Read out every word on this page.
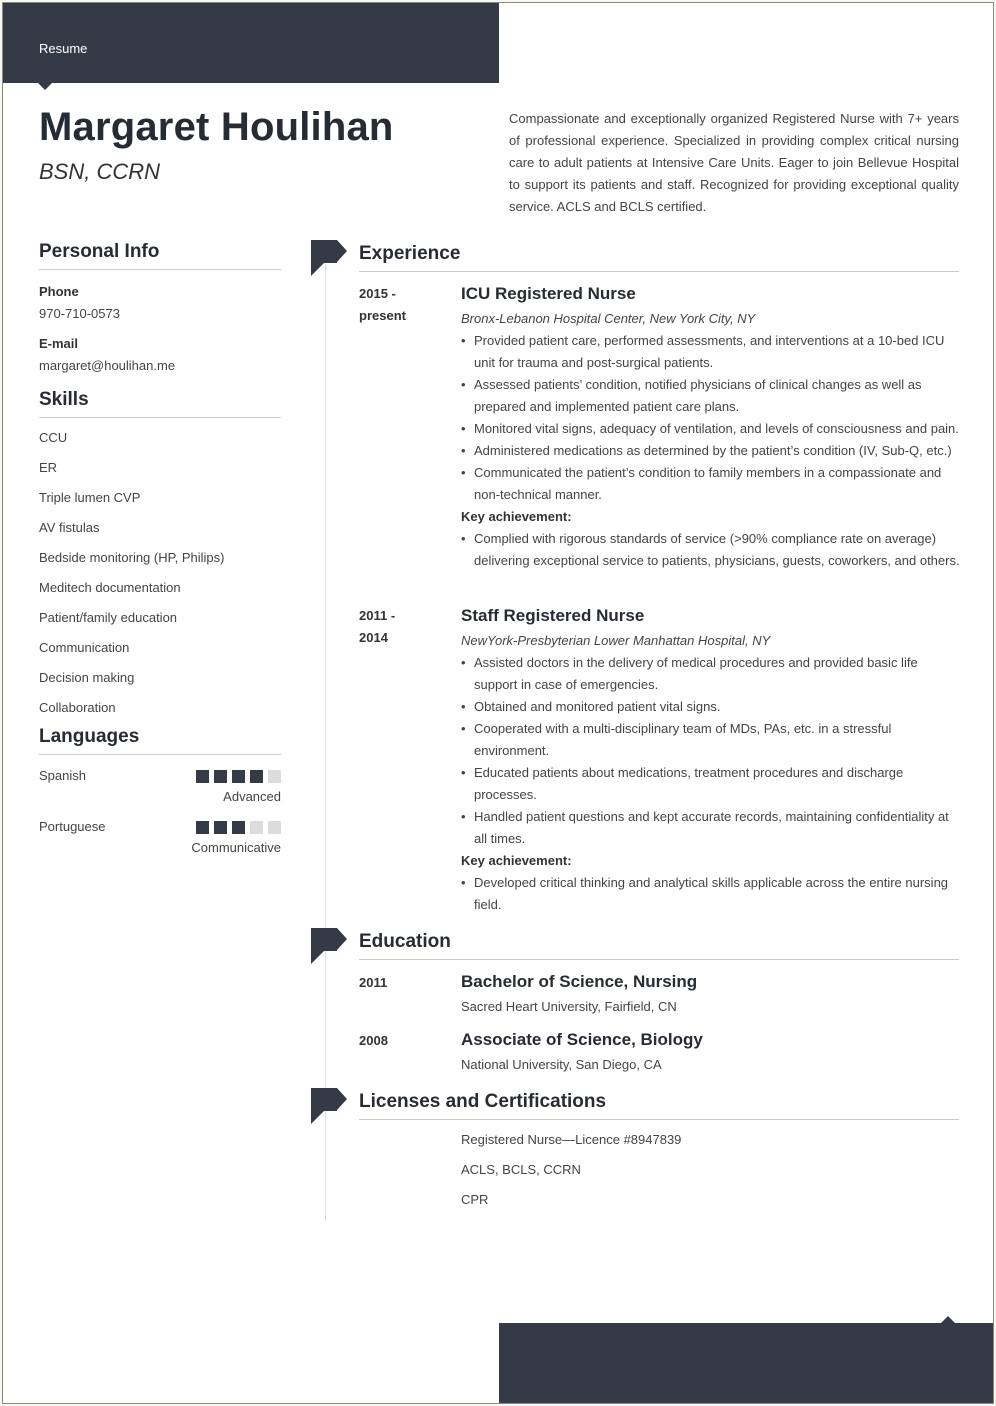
Resume
Margaret Houlihan
BSN, CCRN
Compassionate and exceptionally organized Registered Nurse with 7+ years of professional experience. Specialized in providing complex critical nursing care to adult patients at Intensive Care Units. Eager to join Bellevue Hospital to support its patients and staff. Recognized for providing exceptional quality service. ACLS and BCLS certified.
Personal Info
Phone
970-710-0573
E-mail
margaret@houlihan.me
Skills
CCU
ER
Triple lumen CVP
AV fistulas
Bedside monitoring (HP, Philips)
Meditech documentation
Patient/family education
Communication
Decision making
Collaboration
Languages
Spanish
Advanced
Portuguese
Communicative
Experience
2015 -
present
ICU Registered Nurse
Bronx-Lebanon Hospital Center, New York City, NY
• Provided patient care, performed assessments, and interventions at a 10-bed ICU unit for trauma and post-surgical patients.
• Assessed patients’ condition, notified physicians of clinical changes as well as prepared and implemented patient care plans.
• Monitored vital signs, adequacy of ventilation, and levels of consciousness and pain.
• Administered medications as determined by the patient’s condition (IV, Sub-Q, etc.)
• Communicated the patient’s condition to family members in a compassionate and non-technical manner.
Key achievement:
• Complied with rigorous standards of service (>90% compliance rate on average) delivering exceptional service to patients, physicians, guests, coworkers, and others.
2011 -
2014
Staff Registered Nurse
NewYork-Presbyterian Lower Manhattan Hospital, NY
• Assisted doctors in the delivery of medical procedures and provided basic life support in case of emergencies.
• Obtained and monitored patient vital signs.
• Cooperated with a multi-disciplinary team of MDs, PAs, etc. in a stressful environment.
• Educated patients about medications, treatment procedures and discharge processes.
• Handled patient questions and kept accurate records, maintaining confidentiality at all times.
Key achievement:
• Developed critical thinking and analytical skills applicable across the entire nursing field.
Education
2011	Bachelor of Science, Nursing
Sacred Heart University, Fairfield, CN
2008	Associate of Science, Biology
National University, San Diego, CA
Licenses and Certifications
Registered Nurse—Licence #8947839
ACLS, BCLS, CCRN
CPR
